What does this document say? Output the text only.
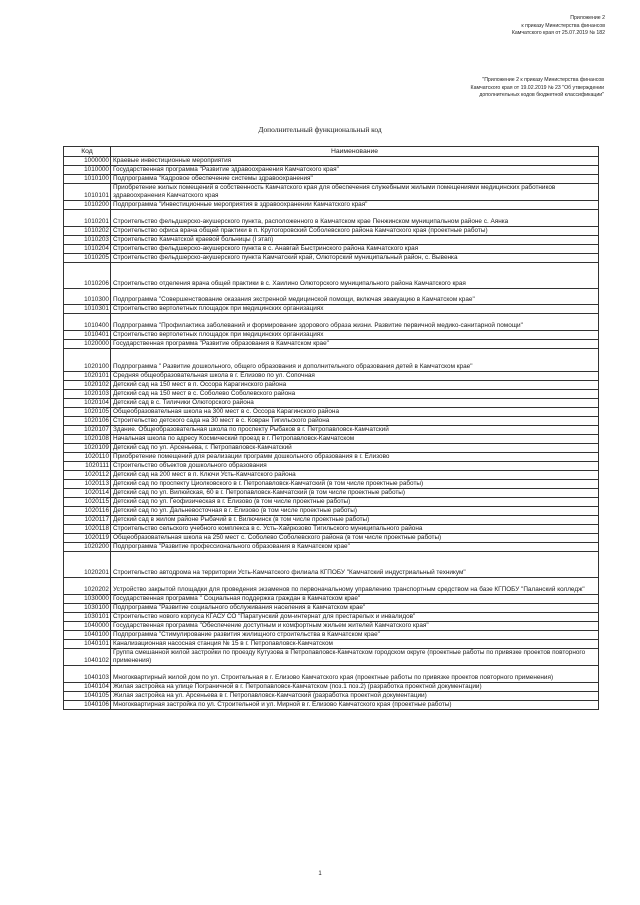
Приложение 2
к приказу Министерства финансов
Камчатского края от 25.07.2019 № 182
"Приложение 2 к приказу Министерства финансов
Камчатского края от 19.02.2019 № 23 "Об утверждении
дополнительных кодов бюджетной классификации"
Дополнительный функциональный код
Код	Наименование
1000000	Краевые инвестиционные мероприятия
1010000	Государственная программа "Развитие здравоохранения Камчатского края"
1010100	Подпрограмма "Кадровое обеспечение системы здравоохранения"
1010101	Приобретение жилых помещений в собственность Камчатского края для обеспечения служебными жилыми помещениями медицинских работников здравоохранения Камчатского края
1010200	Подпрограмма "Инвестиционные мероприятия в здравоохранении Камчатского края"
1010201	Строительство фельдшерско-акушерского пункта, расположенного в Камчатском крае Пенжинском муниципальном районе с. Аянка
1010202	Строительство офиса врача общей практики в п. Крутогоровский Соболевского района Камчатского края (проектные работы)
1010203	Строительство Камчатской краевой больницы (I этап)
1010204	Строительство фельдшерско-акушерского пункта в с. Анавгай Быстринского района Камчатского края
1010205	Строительство фельдшерско-акушерского пункта Камчатский край, Олюторский муниципальный район, с. Вывенка
1010206	Строительство отделения врача общей практики в с. Хаилино Олюторского муниципального района Камчатского края
1010300	Подпрограмма "Совершенствование оказания экстренной медицинской помощи, включая эвакуацию в Камчатском крае"
1010301	Строительство вертолетных площадок при медицинских организациях
1010400	Подпрограмма "Профилактика заболеваний и формирование здорового образа жизни. Развитие первичной медико-санитарной помощи"
1010401	Строительство вертолетных площадок при медицинских организациях
1020000	Государственная программа "Развитие образования в Камчатском крае"
1020100	Подпрограмма " Развитие дошкольного, общего образования и дополнительного образования детей в Камчатском крае"
1020101	Средняя общеобразовательная школа в г. Елизово по ул. Сопочная
1020102	Детский сад на 150 мест в п. Оссора Карагинского района
1020103	Детский сад на 150 мест в с. Соболево Соболевского района
1020104	Детский сад в с. Тиличики Олюторского района
1020105	Общеобразовательная школа на 300 мест в с. Оссора Карагинского района
1020106	Строительство детского сада на 30 мест в с. Ковран Тигильского района
1020107	Здание. Общеобразовательная школа по проспекту Рыбаков в г. Петропавловск-Камчатский
1020108	Начальная школа по адресу Космический проезд в г. Петропавловск-Камчатском
1020109	Детский сад по ул. Арсеньева, г. Петропавловск-Камчатский
1020110	Приобретение помещений для реализации программ дошкольного образования в г. Елизово
1020111	Строительство объектов дошкольного образования
1020112	Детский сад на 200 мест в п. Ключи Усть-Камчатского района
1020113	Детский сад по проспекту Циолковского в г. Петропавловск-Камчатский (в том числе проектные работы)
1020114	Детский сад по ул. Вилюйская, 60 в г. Петропавловск-Камчатский (в том числе проектные работы)
1020115	Детский сад по ул. Геофизическая в г. Елизово (в том числе проектные работы)
1020116	Детский сад по ул. Дальневосточная в г. Елизово (в том числе проектные работы)
1020117	Детский сад в жилом районе Рыбачий в г. Вилючинск (в том числе проектные работы)
1020118	Строительство сельского учебного комплекса в с. Усть-Хайрюзово Тигильского муниципального района
1020119	Общеобразовательная школа на 250 мест с. Соболево Соболевского района (в том числе проектные работы)
1020200	Подпрограмма "Развитие профессионального образования в Камчатском крае"
1020201	Строительство автодрома на территории Усть-Камчатского филиала КГПОБУ "Камчатский индустриальный техникум"
1020202	Устройство закрытой площадки для проведения экзаменов по первоначальному управлению транспортным средством на базе КГПОБУ "Паланский колледж"
1030000	Государственная программа " Социальная поддержка граждан в Камчатском крае"
1030100	Подпрограмма "Развитие социального обслуживания населения в Камчатском крае"
1030101	Строительство нового корпуса КГАСУ СО "Паратунский дом-интернат для престарелых и инвалидов"
1040000	Государственная программа "Обеспечение доступным и комфортным жильем жителей Камчатского края"
1040100	Подпрограмма "Стимулирование развития жилищного строительства в Камчатском крае"
1040101	Канализационная насосная станция № 15 в г. Петропавловск-Камчатском
1040102	Группа смешанной жилой застройки по проезду Кутузова в Петропавловск-Камчатском городском округе (проектные работы по привязке проектов повторного применения)
1040103	Многоквартирный жилой дом по ул. Строительная в г. Елизово Камчатского края (проектные работы по привязке проектов повторного применения)
1040104	Жилая застройка на улице Пограничной в г. Петропавловск-Камчатском (поз.1 поз.2) (разработка проектной документации)
1040105	Жилая застройка на ул. Арсеньева в г. Петропавловск-Камчатский (разработка проектной документации)
1040106	Многоквартирная застройка по ул. Строительной и ул. Мирной в г. Елизово Камчатского края (проектные работы)
1
